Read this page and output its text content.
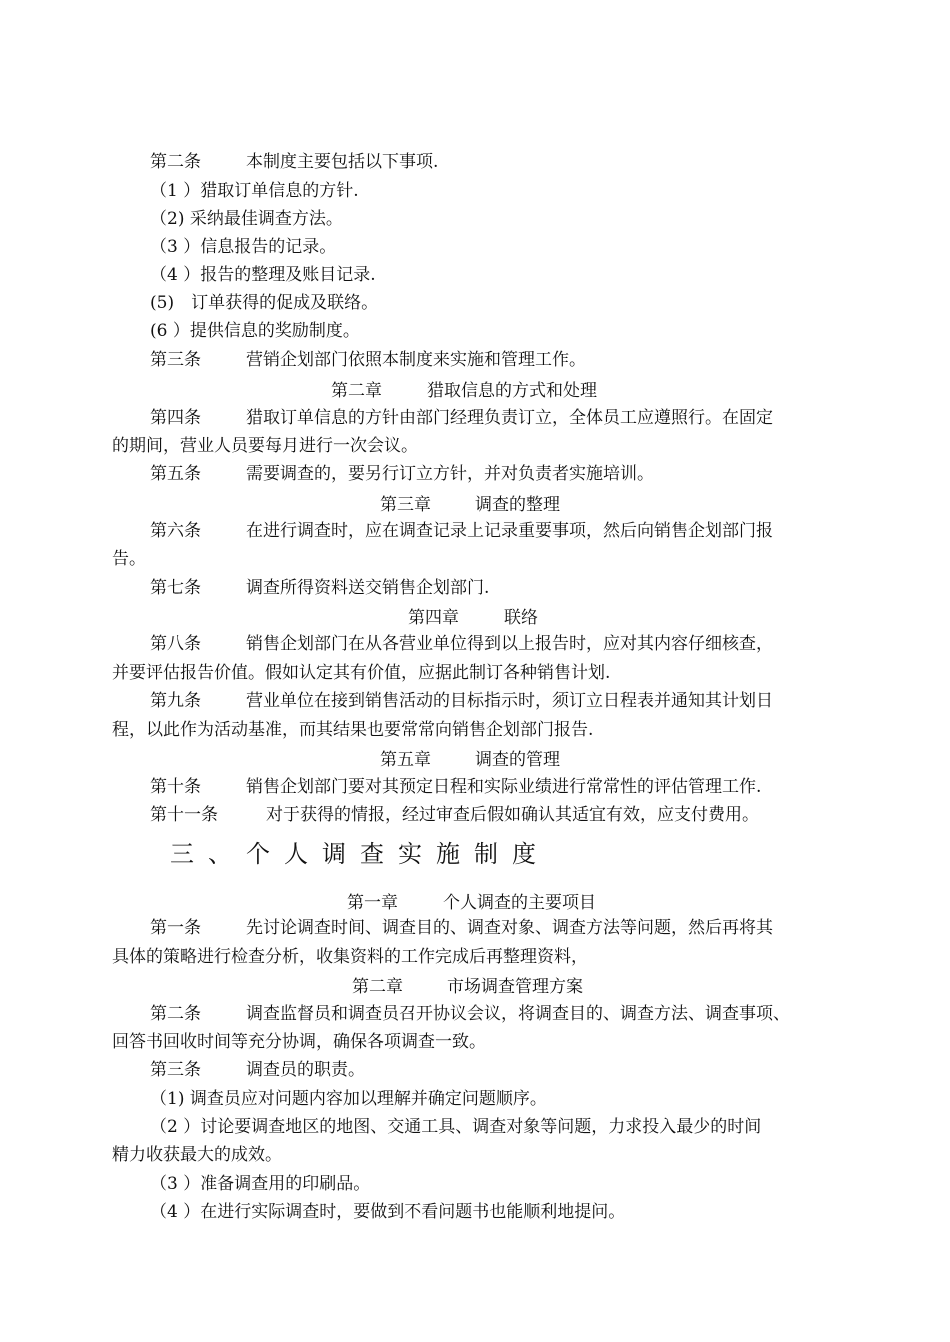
第二条	本制度主要包括以下事项.
（1 ）猎取订单信息的方针.
（2) 采纳最佳调查方法。
（3 ）信息报告的记录。
（4 ）报告的整理及账目记录.
(5)　订单获得的促成及联络。
(6 ）提供信息的奖励制度。
第三条	营销企划部门依照本制度来实施和管理工作。
第二章	猎取信息的方式和处理
第四条	猎取订单信息的方针由部门经理负责订立，全体员工应遵照行。在固定
的期间，营业人员要每月进行一次会议。
第五条	需要调查的，要另行订立方针，并对负责者实施培训。
第三章	调查的整理
第六条	在进行调查时，应在调查记录上记录重要事项，然后向销售企划部门报
告。
第七条	调查所得资料送交销售企划部门.
第四章	联络
第八条	销售企划部门在从各营业单位得到以上报告时，应对其内容仔细核查，
并要评估报告价值。假如认定其有价值，应据此制订各种销售计划.
第九条	营业单位在接到销售活动的目标指示时，须订立日程表并通知其计划日
程，以此作为活动基准，而其结果也要常常向销售企划部门报告.
第五章	调查的管理
第十条	销售企划部门要对其预定日程和实际业绩进行常常性的评估管理工作.
第十一条	对于获得的情报，经过审查后假如确认其适宜有效，应支付费用。
三、个人调查实施制度
第一章	个人调查的主要项目
第一条	先讨论调查时间、调查目的、调查对象、调查方法等问题，然后再将其
具体的策略进行检查分析，收集资料的工作完成后再整理资料，
第二章	市场调查管理方案
第二条	调查监督员和调查员召开协议会议，将调查目的、调查方法、调查事项、
回答书回收时间等充分协调，确保各项调查一致。
第三条	调查员的职责。
（1) 调查员应对问题内容加以理解并确定问题顺序。
（2 ）讨论要调查地区的地图、交通工具、调查对象等问题，力求投入最少的时间
精力收获最大的成效。
（3 ）准备调查用的印刷品。
（4 ）在进行实际调查时，要做到不看问题书也能顺利地提问。
